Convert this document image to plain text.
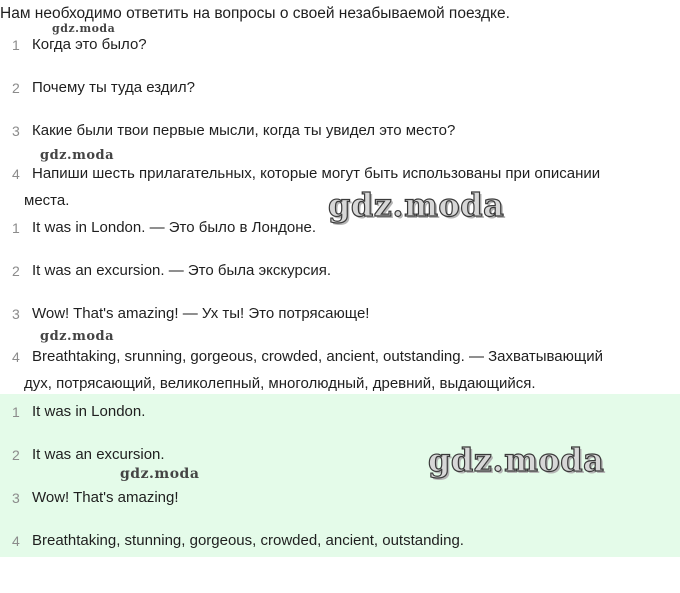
Нам необходимо ответить на вопросы о своей незабываемой поездке.
1 Когда это было?
2 Почему ты туда ездил?
3 Какие были твои первые мысли, когда ты увидел это место?
4 Напиши шесть прилагательных, которые могут быть использованы при описании
места.
1 It was in London. — Это было в Лондоне.
2 It was an excursion. — Это была экскурсия.
3 Wow! That's amazing! — Ух ты! Это потрясающе!
4 Breathtaking, srunning, gorgeous, crowded, ancient, outstanding. — Захватывающий
дух, потрясающий, великолепный, многолюдный, древний, выдающийся.
1 It was in London.
2 It was an excursion.
3 Wow! That's amazing!
4 Breathtaking, stunning, gorgeous, crowded, ancient, outstanding.
gdz.moda
gdz.moda
gdz.moda
gdz.moda
gdz.moda	gdz.moda
